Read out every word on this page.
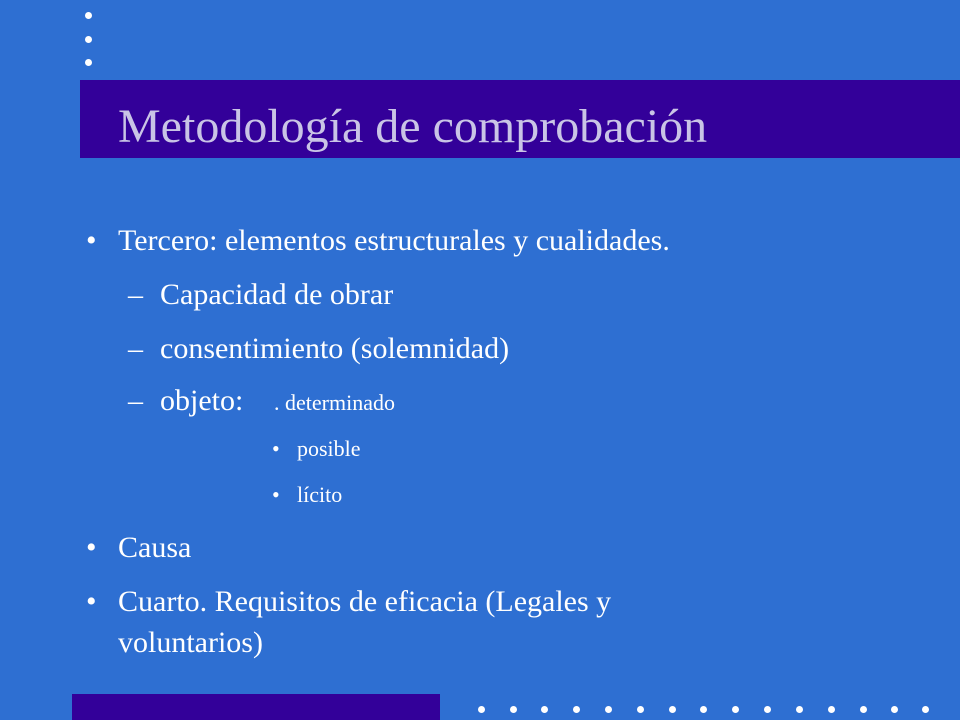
Metodología de comprobación
• Tercero: elementos estructurales y cualidades.
– Capacidad de obrar
– consentimiento (solemnidad)
– objeto: . determinado
• posible
• lícito
• Causa
• Cuarto. Requisitos de eficacia (Legales y
voluntarios)
